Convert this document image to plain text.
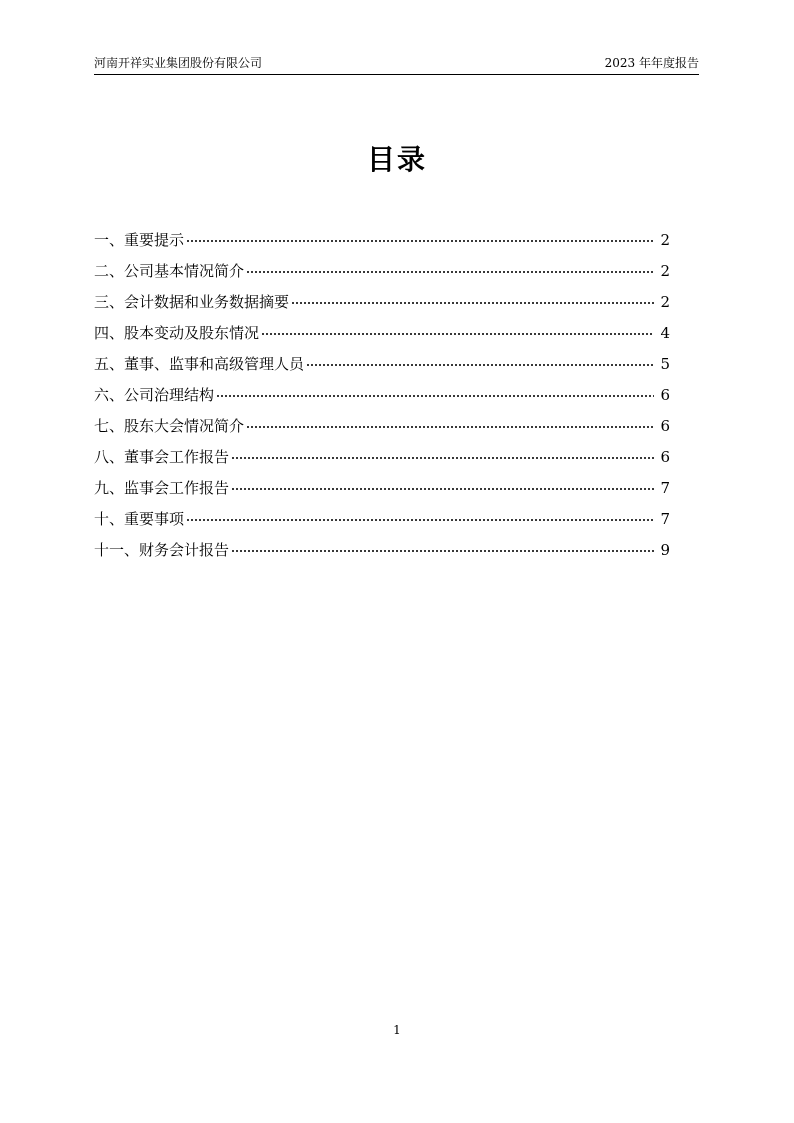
河南开祥实业集团股份有限公司	2023 年年度报告
目录
一、重要提示	2
二、公司基本情况简介	2
三、会计数据和业务数据摘要	2
四、股本变动及股东情况	4
五、董事、监事和高级管理人员	5
六、公司治理结构	6
七、股东大会情况简介	6
八、董事会工作报告	6
九、监事会工作报告	7
十、重要事项	7
十一、财务会计报告	9
1
